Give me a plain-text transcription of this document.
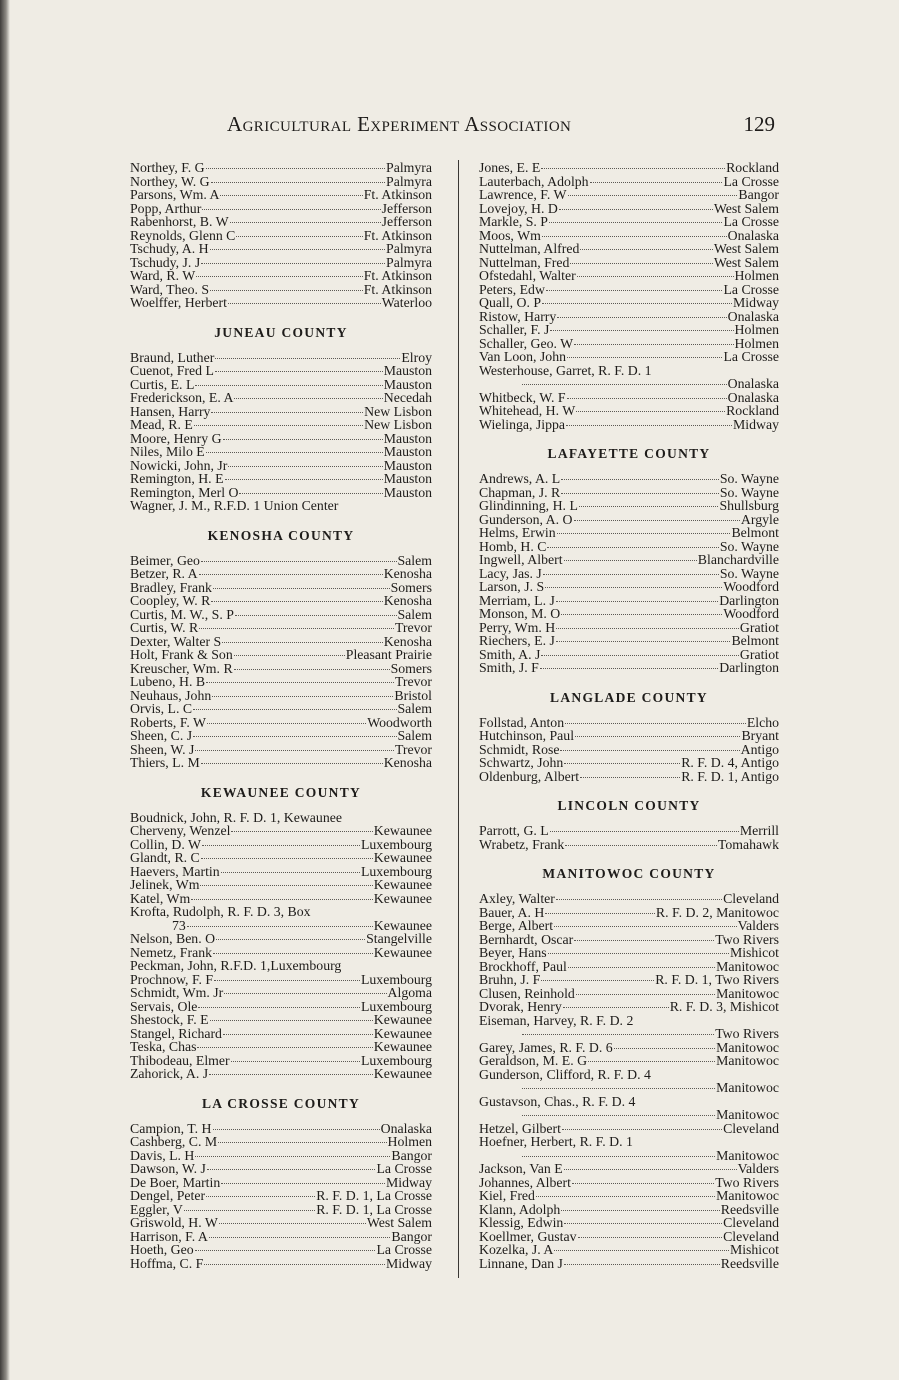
Agricultural Experiment Association	129
Northey, F. G	Palmyra
Northey, W. G	Palmyra
Parsons, Wm. A	Ft. Atkinson
Popp, Arthur	Jefferson
Rabenhorst, B. W	Jefferson
Reynolds, Glenn C	Ft. Atkinson
Tschudy, A. H	Palmyra
Tschudy, J. J	Palmyra
Ward, R. W	Ft. Atkinson
Ward, Theo. S	Ft. Atkinson
Woelffer, Herbert	Waterloo
JUNEAU COUNTY
Braund, Luther	Elroy
Cuenot, Fred L	Mauston
Curtis, E. L	Mauston
Frederickson, E. A	Necedah
Hansen, Harry	New Lisbon
Mead, R. E	New Lisbon
Moore, Henry G	Mauston
Niles, Milo E	Mauston
Nowicki, John, Jr	Mauston
Remington, H. E	Mauston
Remington, Merl O	Mauston
Wagner, J. M., R.F.D. 1 Union Center
KENOSHA COUNTY
Beimer, Geo	Salem
Betzer, R. A	Kenosha
Bradley, Frank	Somers
Coopley, W. R	Kenosha
Curtis, M. W., S. P	Salem
Curtis, W. R	Trevor
Dexter, Walter S	Kenosha
Holt, Frank & Son	Pleasant Prairie
Kreuscher, Wm. R	Somers
Lubeno, H. B	Trevor
Neuhaus, John	Bristol
Orvis, L. C	Salem
Roberts, F. W	Woodworth
Sheen, C. J	Salem
Sheen, W. J	Trevor
Thiers, L. M	Kenosha
KEWAUNEE COUNTY
Boudnick, John, R. F. D. 1, Kewaunee
Cherveny, Wenzel	Kewaunee
Collin, D. W	Luxembourg
Glandt, R. C	Kewaunee
Haevers, Martin	Luxembourg
Jelinek, Wm	Kewaunee
Katel, Wm	Kewaunee
Krofta, Rudolph, R. F. D. 3, Box
73	Kewaunee
Nelson, Ben. O	Stangelville
Nemetz, Frank	Kewaunee
Peckman, John, R.F.D. 1,Luxembourg
Prochnow, F. F	Luxembourg
Schmidt, Wm. Jr	Algoma
Servais, Ole	Luxembourg
Shestock, F. E	Kewaunee
Stangel, Richard	Kewaunee
Teska, Chas	Kewaunee
Thibodeau, Elmer	Luxembourg
Zahorick, A. J	Kewaunee
LA CROSSE COUNTY
Campion, T. H	Onalaska
Cashberg, C. M	Holmen
Davis, L. H	Bangor
Dawson, W. J	La Crosse
De Boer, Martin	Midway
Dengel, Peter	R. F. D. 1, La Crosse
Eggler, V	R. F. D. 1, La Crosse
Griswold, H. W	West Salem
Harrison, F. A	Bangor
Hoeth, Geo	La Crosse
Hoffma, C. F	Midway
Jones, E. E	Rockland
Lauterbach, Adolph	La Crosse
Lawrence, F. W	Bangor
Lovejoy, H. D	West Salem
Markle, S. P	La Crosse
Moos, Wm	Onalaska
Nuttelman, Alfred	West Salem
Nuttelman, Fred	West Salem
Ofstedahl, Walter	Holmen
Peters, Edw	La Crosse
Quall, O. P	Midway
Ristow, Harry	Onalaska
Schaller, F. J	Holmen
Schaller, Geo. W	Holmen
Van Loon, John	La Crosse
Westerhouse, Garret, R. F. D. 1
Onalaska
Whitbeck, W. F	Onalaska
Whitehead, H. W	Rockland
Wielinga, Jippa	Midway
LAFAYETTE COUNTY
Andrews, A. L	So. Wayne
Chapman, J. R	So. Wayne
Glindinning, H. L	Shullsburg
Gunderson, A. O	Argyle
Helms, Erwin	Belmont
Homb, H. C	So. Wayne
Ingwell, Albert	Blanchardville
Lacy, Jas. J	So. Wayne
Larson, J. S	Woodford
Merriam, L. J	Darlington
Monson, M. O	Woodford
Perry, Wm. H	Gratiot
Riechers, E. J	Belmont
Smith, A. J	Gratiot
Smith, J. F	Darlington
LANGLADE COUNTY
Follstad, Anton	Elcho
Hutchinson, Paul	Bryant
Schmidt, Rose	Antigo
Schwartz, John	R. F. D. 4, Antigo
Oldenburg, Albert	R. F. D. 1, Antigo
LINCOLN COUNTY
Parrott, G. L	Merrill
Wrabetz, Frank	Tomahawk
MANITOWOC COUNTY
Axley, Walter	Cleveland
Bauer, A. H	R. F. D. 2, Manitowoc
Berge, Albert	Valders
Bernhardt, Oscar	Two Rivers
Beyer, Hans	Mishicot
Brockhoff, Paul	Manitowoc
Bruhn, J. F	R. F. D. 1, Two Rivers
Clusen, Reinhold	Manitowoc
Dvorak, Henry	R. F. D. 3, Mishicot
Eiseman, Harvey, R. F. D. 2
Two Rivers
Garey, James, R. F. D. 6	Manitowoc
Geraldson, M. E. G	Manitowoc
Gunderson, Clifford, R. F. D. 4
Manitowoc
Gustavson, Chas., R. F. D. 4
Manitowoc
Hetzel, Gilbert	Cleveland
Hoefner, Herbert, R. F. D. 1
Manitowoc
Jackson, Van E	Valders
Johannes, Albert	Two Rivers
Kiel, Fred	Manitowoc
Klann, Adolph	Reedsville
Klessig, Edwin	Cleveland
Koellmer, Gustav	Cleveland
Kozelka, J. A	Mishicot
Linnane, Dan J	Reedsville
